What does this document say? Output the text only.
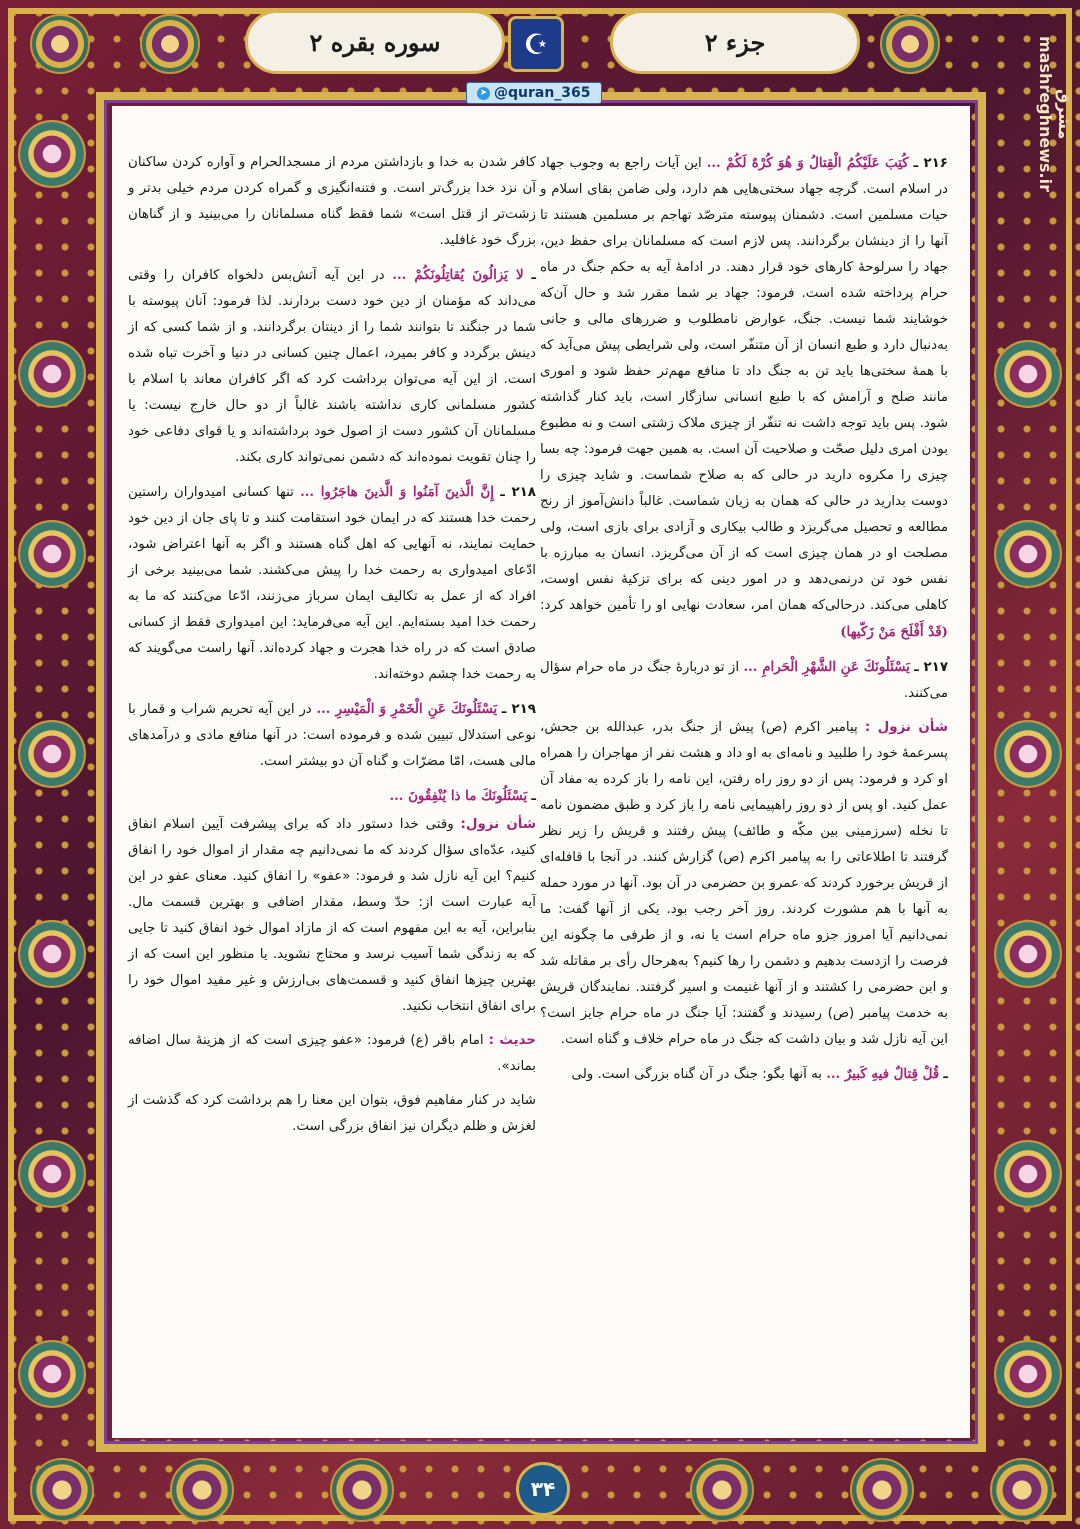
سوره بقره ۲	☪	جزء ۲
➤ @quran_365	مشرق mashreghnews.ir

۲۱۶ ـ كُتِبَ عَلَيْكُمُ الْقِتالُ وَ هُوَ كُرْهٌ لَكُمْ ... این آیات راجع به وجوب جهاد در اسلام است. گرچه جهاد سختی‌هایی هم دارد، ولی ضامن بقای اسلام و حیات مسلمین است. دشمنان پیوسته مترصّد تهاجم بر مسلمین هستند تا آنها را از دینشان برگردانند. پس لازم است که مسلمانان برای حفظ دین، جهاد را سرلوحهٔ کارهای خود قرار دهند. در ادامهٔ آیه به حکم جنگ در ماه حرام پرداخته شده است. فرمود: جهاد بر شما مقرر شد و حال آن‌که خوشایند شما نیست. جنگ، عوارض نامطلوب و ضررهای مالی و جانی به‌دنبال دارد و طبع انسان از آن متنفّر است، ولی شرایطی پیش می‌آید که با همهٔ سختی‌ها باید تن به جنگ داد تا منافع مهم‌تر حفظ شود و اموری مانند صلح و آرامش که با طبع انسانی سازگار است، باید کنار گذاشته شود. پس باید توجه داشت نه تنفّر از چیزی ملاک زشتی است و نه مطبوع بودن امری دلیل صحّت و صلاحیت آن است. به همین جهت فرمود: چه بسا چیزی را مکروه دارید در حالی که به صلاح شماست. و شاید چیزی را دوست بدارید در حالی که همان به زیان شماست. غالباً دانش‌آموز از رنج مطالعه و تحصیل می‌گریزد و طالب بیکاری و آزادی برای بازی است، ولی مصلحت او در همان چیزی است که از آن می‌گریزد. انسان به مبارزه با نفس خود تن درنمی‌دهد و در امور دینی که برای تزکیهٔ نفس اوست، کاهلی می‌کند. درحالی‌که همان امر، سعادت نهایی او را تأمین خواهد کرد: (قَدْ أَفْلَحَ مَنْ زَكّيها)

۲۱۷ ـ يَسْئَلُونَكَ عَنِ الشَّهْرِ الْحَرامِ ... از تو دربارهٔ جنگ در ماه حرام سؤال می‌کنند.

شأن نزول : پیامبر اکرم (ص) پیش از جنگ بدر، عبدالله بن جحش، پسرعمهٔ خود را طلبید و نامه‌ای به او داد و هشت نفر از مهاجران را همراه او کرد و فرمود: پس از دو روز راه رفتن، این نامه را باز کرده به مفاد آن عمل کنید. او پس از دو روز راهپیمایی نامه را باز کرد و طبق مضمون نامه تا نخله (سرزمینی بین مکّه و طائف) پیش رفتند و قریش را زیر نظر گرفتند تا اطلاعاتی را به پیامبر اکرم (ص) گزارش کنند. در آنجا با قافله‌ای از قریش برخورد کردند که عمرو بن حضرمی در آن بود. آنها در مورد حمله به آنها با هم مشورت کردند. روز آخر رجب بود. یکی از آنها گفت: ما نمی‌دانیم آیا امروز جزو ماه حرام است یا نه، و از طرفی ما چگونه این فرصت را ازدست بدهیم و دشمن را رها کنیم؟ به‌هرحال رأی بر مقاتله شد و ابن حضرمی را کشتند و از آنها غنیمت و اسیر گرفتند. نمایندگان قریش به خدمت پیامبر (ص) رسیدند و گفتند: آیا جنگ در ماه حرام جایز است؟ این آیه نازل شد و بیان داشت که جنگ در ماه حرام خلاف و گناه است.

ـ قُلْ قِتالٌ فيهِ كَبيرٌ ... به آنها بگو: جنگ در آن گناه بزرگی است. ولی

کافر شدن به خدا و بازداشتن مردم از مسجدالحرام و آواره کردن ساکنان آن نزد خدا بزرگ‌تر است. و فتنه‌انگیزی و گمراه کردن مردم خیلی بدتر و زشت‌تر از قتل است» شما فقط گناه مسلمانان را می‌بینید و از گناهان بزرگ خود غافلید.

ـ لا يَزالُونَ يُقاتِلُونَكُمْ ... در این آیه آتش‌بس دلخواه کافران را وقتی می‌داند که مؤمنان از دین خود دست بردارند. لذا فرمود: آنان پیوسته با شما در جنگند تا بتوانند شما را از دینتان برگردانند. و از شما کسی که از دینش برگردد و کافر بمیرد، اعمال چنین کسانی در دنیا و آخرت تباه شده است. از این آیه می‌توان برداشت کرد که اگر کافران معاند با اسلام با کشور مسلمانی کاری نداشته باشند غالباً از دو حال خارج نیست: یا مسلمانان آن کشور دست از اصول خود برداشته‌اند و یا قوای دفاعی خود را چنان تقویت نموده‌اند که دشمن نمی‌تواند کاری بکند.

۲۱۸ ـ إِنَّ الَّذينَ آمَنُوا وَ الَّذينَ هاجَرُوا ... تنها کسانی امیدواران راستین رحمت خدا هستند که در ایمان خود استقامت کنند و تا پای جان از دین خود حمایت نمایند، نه آنهایی که اهل گناه هستند و اگر به آنها اعتراض شود، ادّعای امیدواری به رحمت خدا را پیش می‌کشند. شما می‌بینید برخی از افراد که از عمل به تکالیف ایمان سرباز می‌زنند، ادّعا می‌کنند که ما به رحمت خدا امید بسته‌ایم. این آیه می‌فرماید: این امیدواری فقط از کسانی صادق است که در راه خدا هجرت و جهاد کرده‌اند. آنها راست می‌گویند که به رحمت خدا چشم دوخته‌اند.

۲۱۹ ـ يَسْئَلُونَكَ عَنِ الْخَمْرِ وَ الْمَيْسِرِ ... در این آیه تحریم شراب و قمار با نوعی استدلال تبیین شده و فرموده است: در آنها منافع مادی و درآمدهای مالی هست، امّا مضرّات و گناه آن دو بیشتر است.

ـ يَسْئَلُونَكَ ما ذا يُنْفِقُونَ ...

شأن نزول: وقتی خدا دستور داد که برای پیشرفت آیین اسلام انفاق کنید، عدّه‌ای سؤال کردند که ما نمی‌دانیم چه مقدار از اموال خود را انفاق کنیم؟ این آیه نازل شد و فرمود: «عفو» را انفاق کنید. معنای عفو در این آیه عبارت است از: حدّ وسط، مقدار اضافی و بهترین قسمت مال. بنابراین، آیه به این مفهوم است که از مازاد اموال خود انفاق کنید تا جایی که به زندگی شما آسیب نرسد و محتاج نشوید. یا منظور این است که از بهترین چیزها انفاق کنید و قسمت‌های بی‌ارزش و غیر مفید اموال خود را برای انفاق انتخاب نکنید.

حدیث : امام باقر (ع) فرمود: «عفو چیزی است که از هزینهٔ سال اضافه بماند».

شاید در کنار مفاهیم فوق، بتوان این معنا را هم برداشت کرد که گذشت از لغزش و ظلم دیگران نیز انفاق بزرگی است.

۳۴
